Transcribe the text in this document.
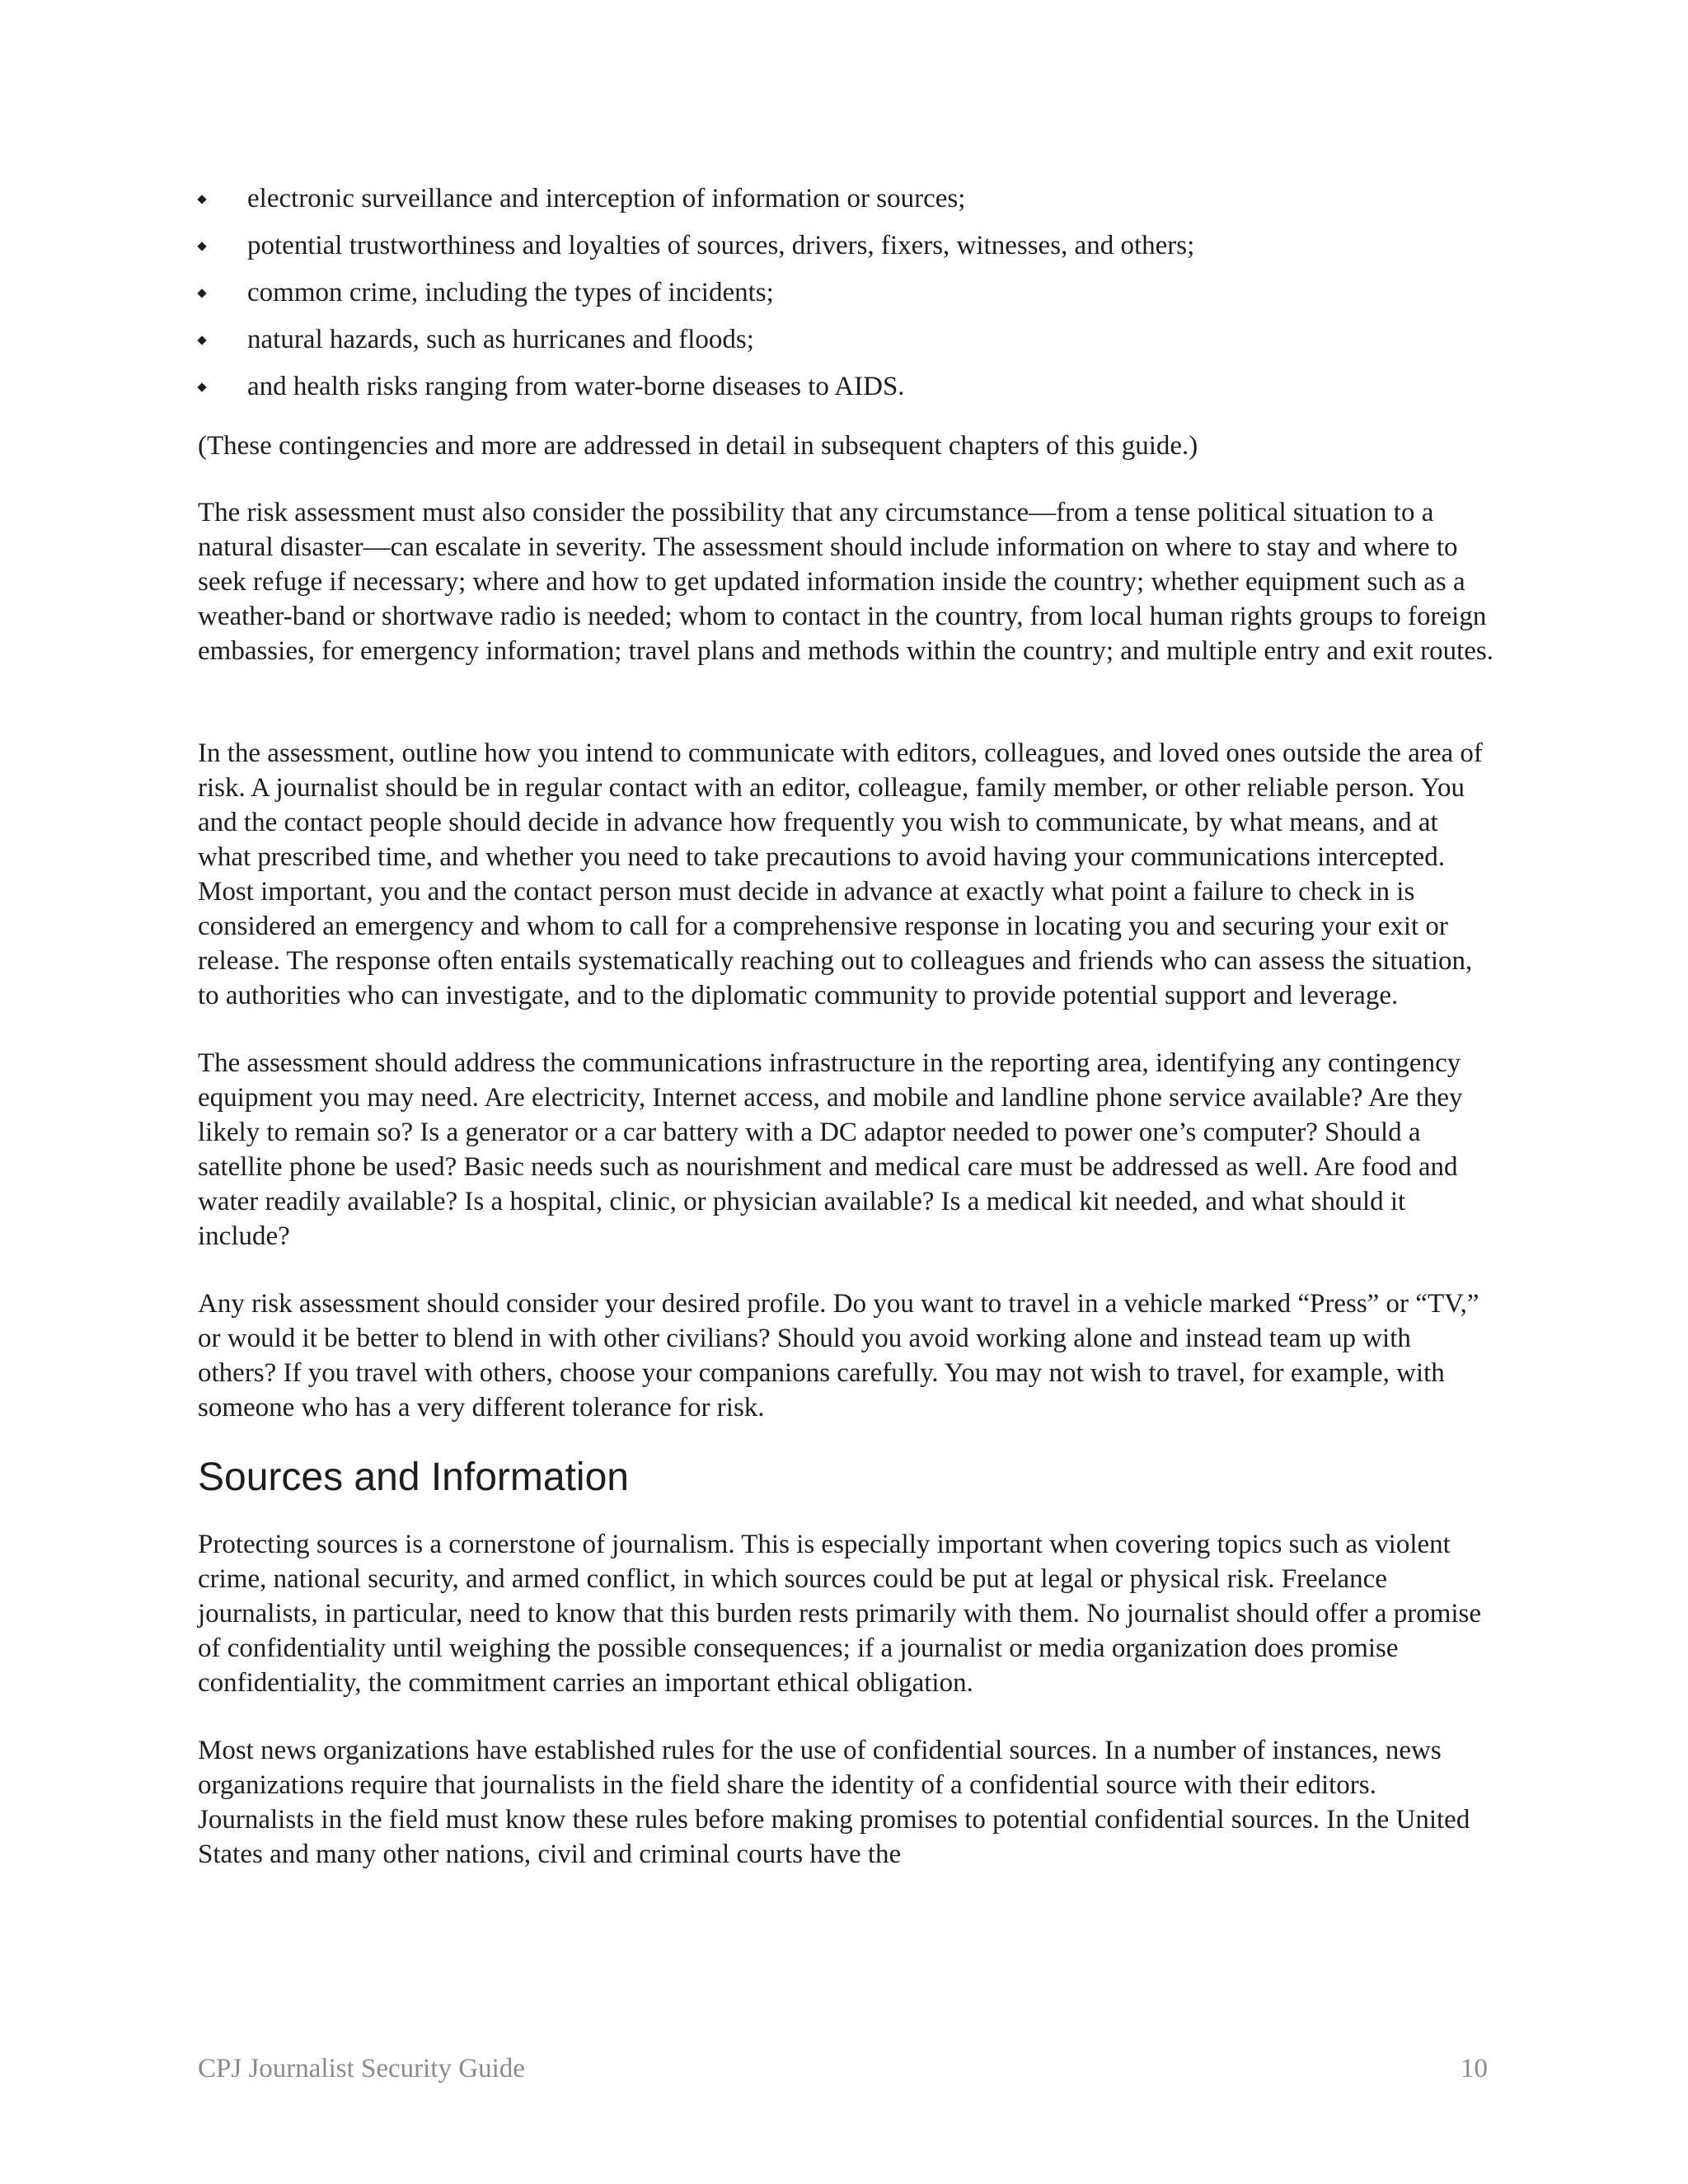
electronic surveillance and interception of information or sources;
potential trustworthiness and loyalties of sources, drivers, fixers, witnesses, and others;
common crime, including the types of incidents;
natural hazards, such as hurricanes and floods;
and health risks ranging from water-borne diseases to AIDS.

(These contingencies and more are addressed in detail in subsequent chapters of this guide.)

The risk assessment must also consider the possibility that any circumstance—from a tense political situation to a natural disaster—can escalate in severity. The assessment should include information on where to stay and where to seek refuge if necessary; where and how to get updated information inside the country; whether equipment such as a weather-band or shortwave radio is needed; whom to contact in the country, from local human rights groups to foreign embassies, for emergency information; travel plans and methods within the country; and multiple entry and exit routes.

In the assessment, outline how you intend to communicate with editors, colleagues, and loved ones outside the area of risk. A journalist should be in regular contact with an editor, colleague, family member, or other reliable person. You and the contact people should decide in advance how frequently you wish to communicate, by what means, and at what prescribed time, and whether you need to take precautions to avoid having your communications intercepted. Most important, you and the contact person must decide in advance at exactly what point a failure to check in is considered an emergency and whom to call for a comprehensive response in locating you and securing your exit or release. The response often entails systematically reaching out to colleagues and friends who can assess the situation, to authorities who can investigate, and to the diplomatic community to provide potential support and leverage.

The assessment should address the communications infrastructure in the reporting area, identifying any contingency equipment you may need. Are electricity, Internet access, and mobile and landline phone service available? Are they likely to remain so? Is a generator or a car battery with a DC adaptor needed to power one’s computer? Should a satellite phone be used? Basic needs such as nourishment and medical care must be addressed as well. Are food and water readily available? Is a hospital, clinic, or physician available? Is a medical kit needed, and what should it include?

Any risk assessment should consider your desired profile. Do you want to travel in a vehicle marked “Press” or “TV,” or would it be better to blend in with other civilians? Should you avoid working alone and instead team up with others? If you travel with others, choose your companions carefully. You may not wish to travel, for example, with someone who has a very different tolerance for risk.

Sources and Information

Protecting sources is a cornerstone of journalism. This is especially important when covering topics such as violent crime, national security, and armed conflict, in which sources could be put at legal or physical risk. Freelance journalists, in particular, need to know that this burden rests primarily with them. No journalist should offer a promise of confidentiality until weighing the possible consequences; if a journalist or media organization does promise confidentiality, the commitment carries an important ethical obligation.

Most news organizations have established rules for the use of confidential sources. In a number of instances, news organizations require that journalists in the field share the identity of a confidential source with their editors. Journalists in the field must know these rules before making promises to potential confidential sources. In the United States and many other nations, civil and criminal courts have the

CPJ Journalist Security Guide	10
